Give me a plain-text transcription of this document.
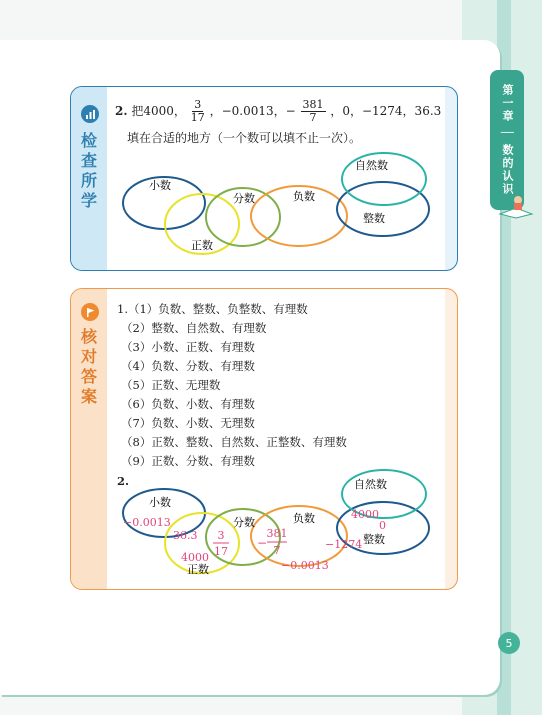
第一章
│
数的认识
5
检查所学
2. 把4000， $\frac{3}{17}$ ，−0.0013，− $\frac{381}{7}$ ，0，−1274，36.3
填在合适的地方（一个数可以填不止一次）。
小数
正数
分数	负数
自然数
整数
核对答案
1.（1）负数、整数、负整数、有理数
（2）整数、自然数、有理数
（3）小数、正数、有理数
（4）负数、分数、有理数
（5）正数、无理数
（6）负数、小数、有理数
（7）负数、小数、无理数
（8）正数、整数、自然数、正整数、有理数
（9）正数、分数、有理数
2.
小数
正数
分数	负数
自然数
整数
−0.0013
36.3
4000
3
17
−
381
7
−0.0013
−1274
4000
0
